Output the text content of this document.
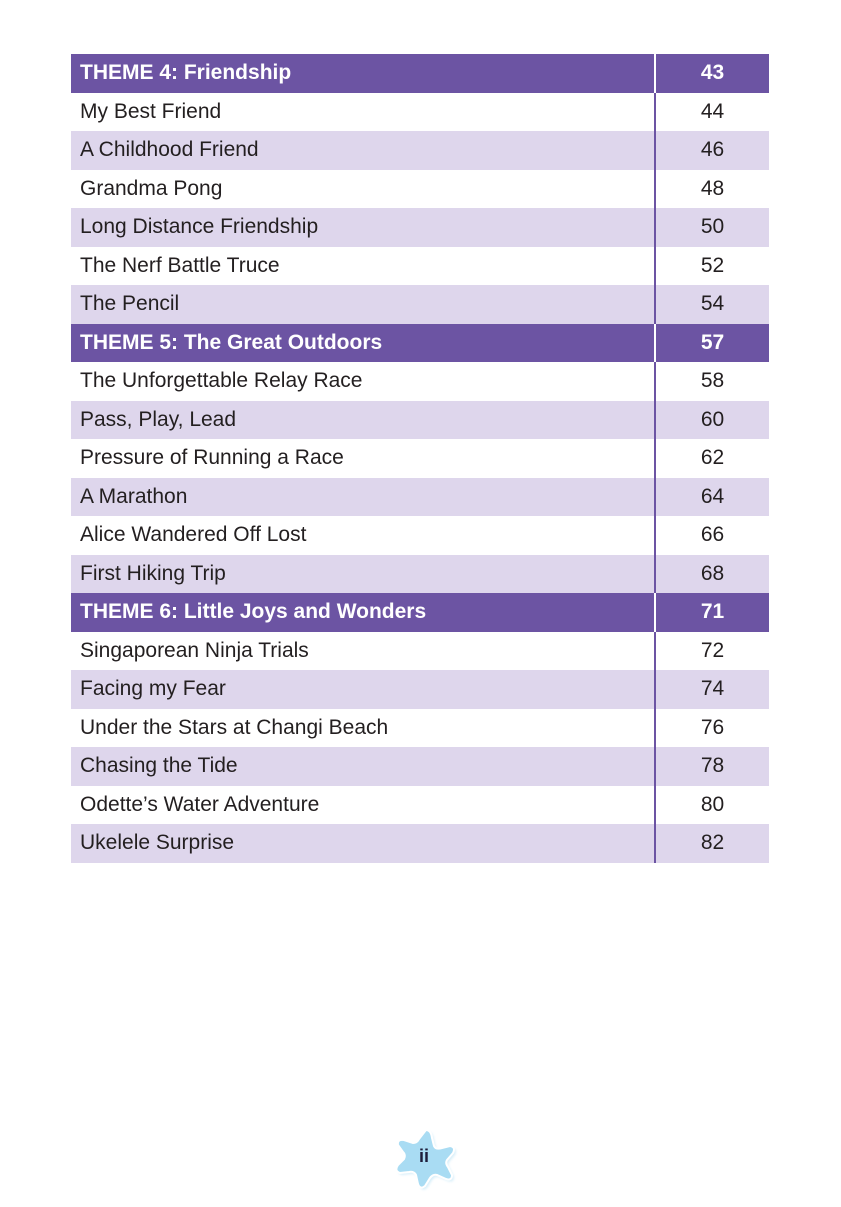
THEME 4: Friendship	43
My Best Friend	44
A Childhood Friend	46
Grandma Pong	48
Long Distance Friendship	50
The Nerf Battle Truce	52
The Pencil	54
THEME 5: The Great Outdoors	57
The Unforgettable Relay Race	58
Pass, Play, Lead	60
Pressure of Running a Race	62
A Marathon	64
Alice Wandered Off Lost	66
First Hiking Trip	68
THEME 6: Little Joys and Wonders	71
Singaporean Ninja Trials	72
Facing my Fear	74
Under the Stars at Changi Beach	76
Chasing the Tide	78
Odette’s Water Adventure	80
Ukelele Surprise	82
ii
